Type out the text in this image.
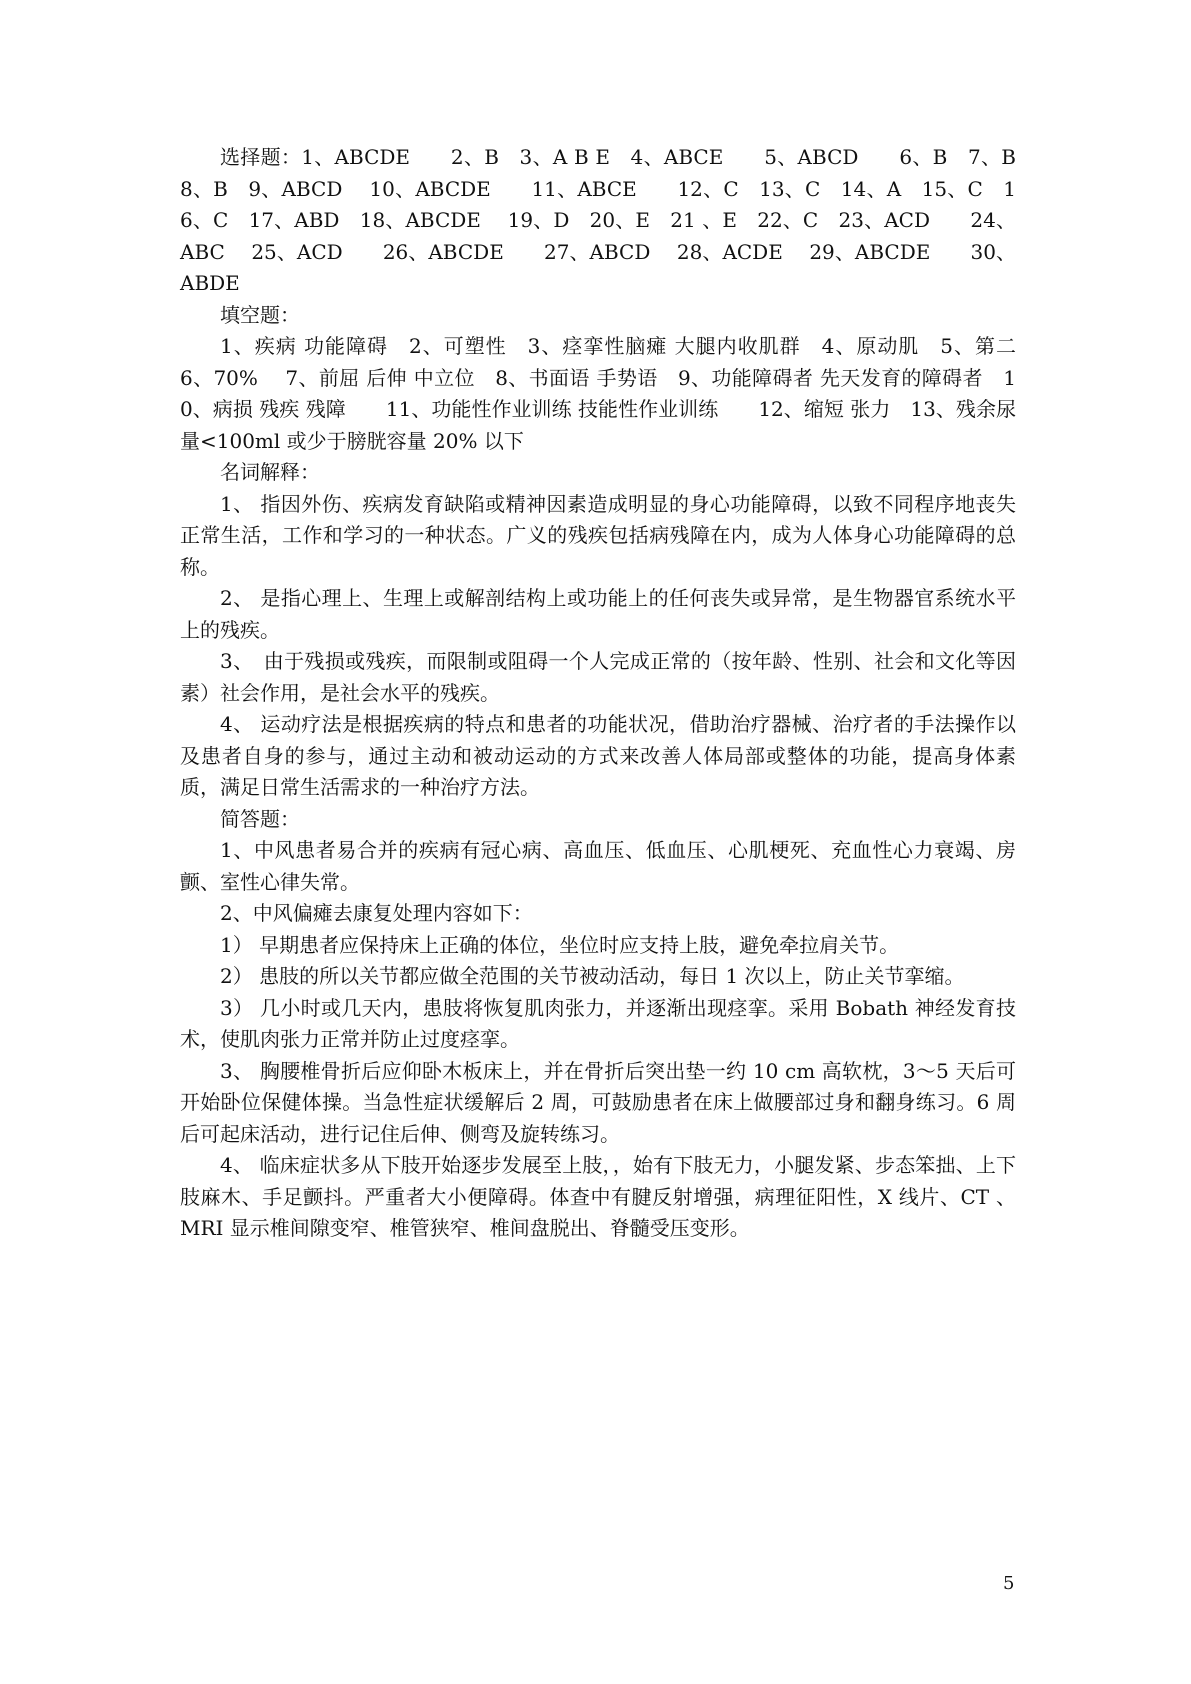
选择题：1、ABCDE　　2、B　3、A B E　4、ABCE　　5、ABCD　　6、B　7、B　8、B　9、ABCD　 10、ABCDE　　11、ABCE　　12、C　13、C　14、A　15、C　16、C　17、ABD　18、ABCDE　 19、D　20、E　21 、E　22、C　23、ACD　　24、ABC　 25、ACD　　26、ABCDE　　27、ABCD　 28、ACDE　 29、ABCDE　　30、ABDE

填空题：

1、疾病 功能障碍　2、可塑性　3、痉挛性脑瘫 大腿内收肌群　4、原动肌　5、第二　 6、70%　 7、前屈 后伸 中立位　8、书面语 手势语　9、功能障碍者 先天发育的障碍者　10、病损 残疾 残障　　11、功能性作业训练 技能性作业训练　　12、缩短 张力　13、残余尿量<100ml 或少于膀胱容量 20% 以下

名词解释：

1、 指因外伤、疾病发育缺陷或精神因素造成明显的身心功能障碍，以致不同程序地丧失正常生活，工作和学习的一种状态。广义的残疾包括病残障在内，成为人体身心功能障碍的总称。

2、 是指心理上、生理上或解剖结构上或功能上的任何丧失或异常，是生物器官系统水平上的残疾。

3、　由于残损或残疾，而限制或阻碍一个人完成正常的（按年龄、性别、社会和文化等因素）社会作用，是社会水平的残疾。

4、 运动疗法是根据疾病的特点和患者的功能状况，借助治疗器械、治疗者的手法操作以及患者自身的参与，通过主动和被动运动的方式来改善人体局部或整体的功能，提高身体素质，满足日常生活需求的一种治疗方法。

简答题：

1、中风患者易合并的疾病有冠心病、高血压、低血压、心肌梗死、充血性心力衰竭、房颤、室性心律失常。

2、中风偏瘫去康复处理内容如下：

1） 早期患者应保持床上正确的体位，坐位时应支持上肢，避免牵拉肩关节。

2） 患肢的所以关节都应做全范围的关节被动活动，每日 1 次以上，防止关节挛缩。

3） 几小时或几天内，患肢将恢复肌肉张力，并逐渐出现痉挛。采用 Bobath 神经发育技术，使肌肉张力正常并防止过度痉挛。

3、 胸腰椎骨折后应仰卧木板床上，并在骨折后突出垫一约 10 cm 高软枕，3～5 天后可开始卧位保健体操。当急性症状缓解后 2 周，可鼓励患者在床上做腰部过身和翻身练习。6 周后可起床活动，进行记住后伸、侧弯及旋转练习。

4、 临床症状多从下肢开始逐步发展至上肢，，始有下肢无力，小腿发紧、步态笨拙、上下肢麻木、手足颤抖。严重者大小便障碍。体查中有腱反射增强，病理征阳性，X 线片、CT 、MRI 显示椎间隙变窄、椎管狭窄、椎间盘脱出、脊髓受压变形。

5
